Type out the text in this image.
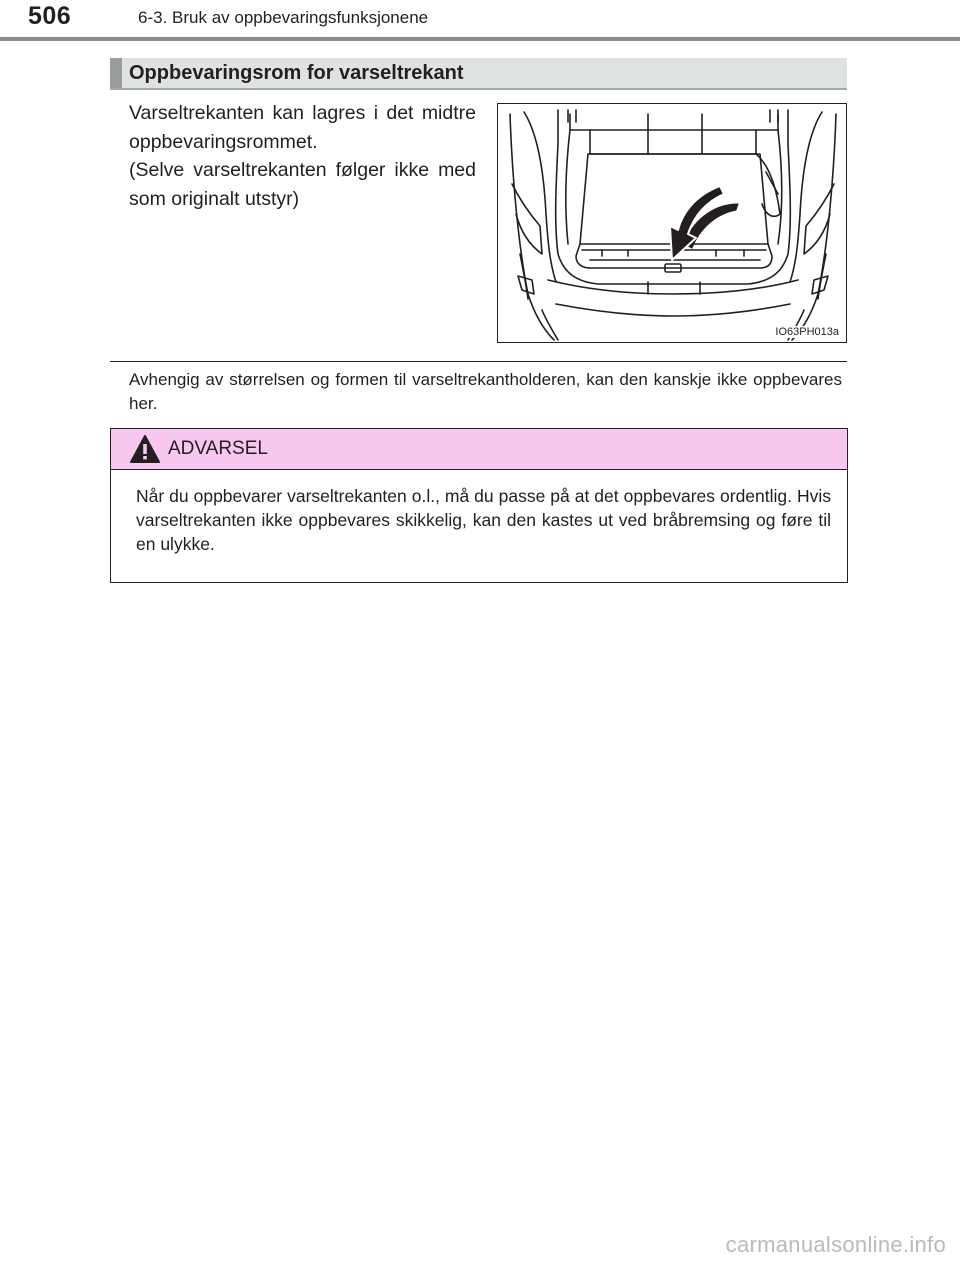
506	6-3. Bruk av oppbevaringsfunksjonene
Oppbevaringsrom for varseltrekant

Varseltrekanten kan lagres i det midtre oppbevaringsrommet.

(Selve varseltrekanten følger ikke med som originalt utstyr)

IO63PH013a

Avhengig av størrelsen og formen til varseltrekantholderen, kan den kanskje ikke oppbevares her.

ADVARSEL

Når du oppbevarer varseltrekanten o.l., må du passe på at det oppbevares ordentlig. Hvis varseltrekanten ikke oppbevares skikkelig, kan den kastes ut ved bråbremsing og føre til en ulykke.

carmanualsonline.info
